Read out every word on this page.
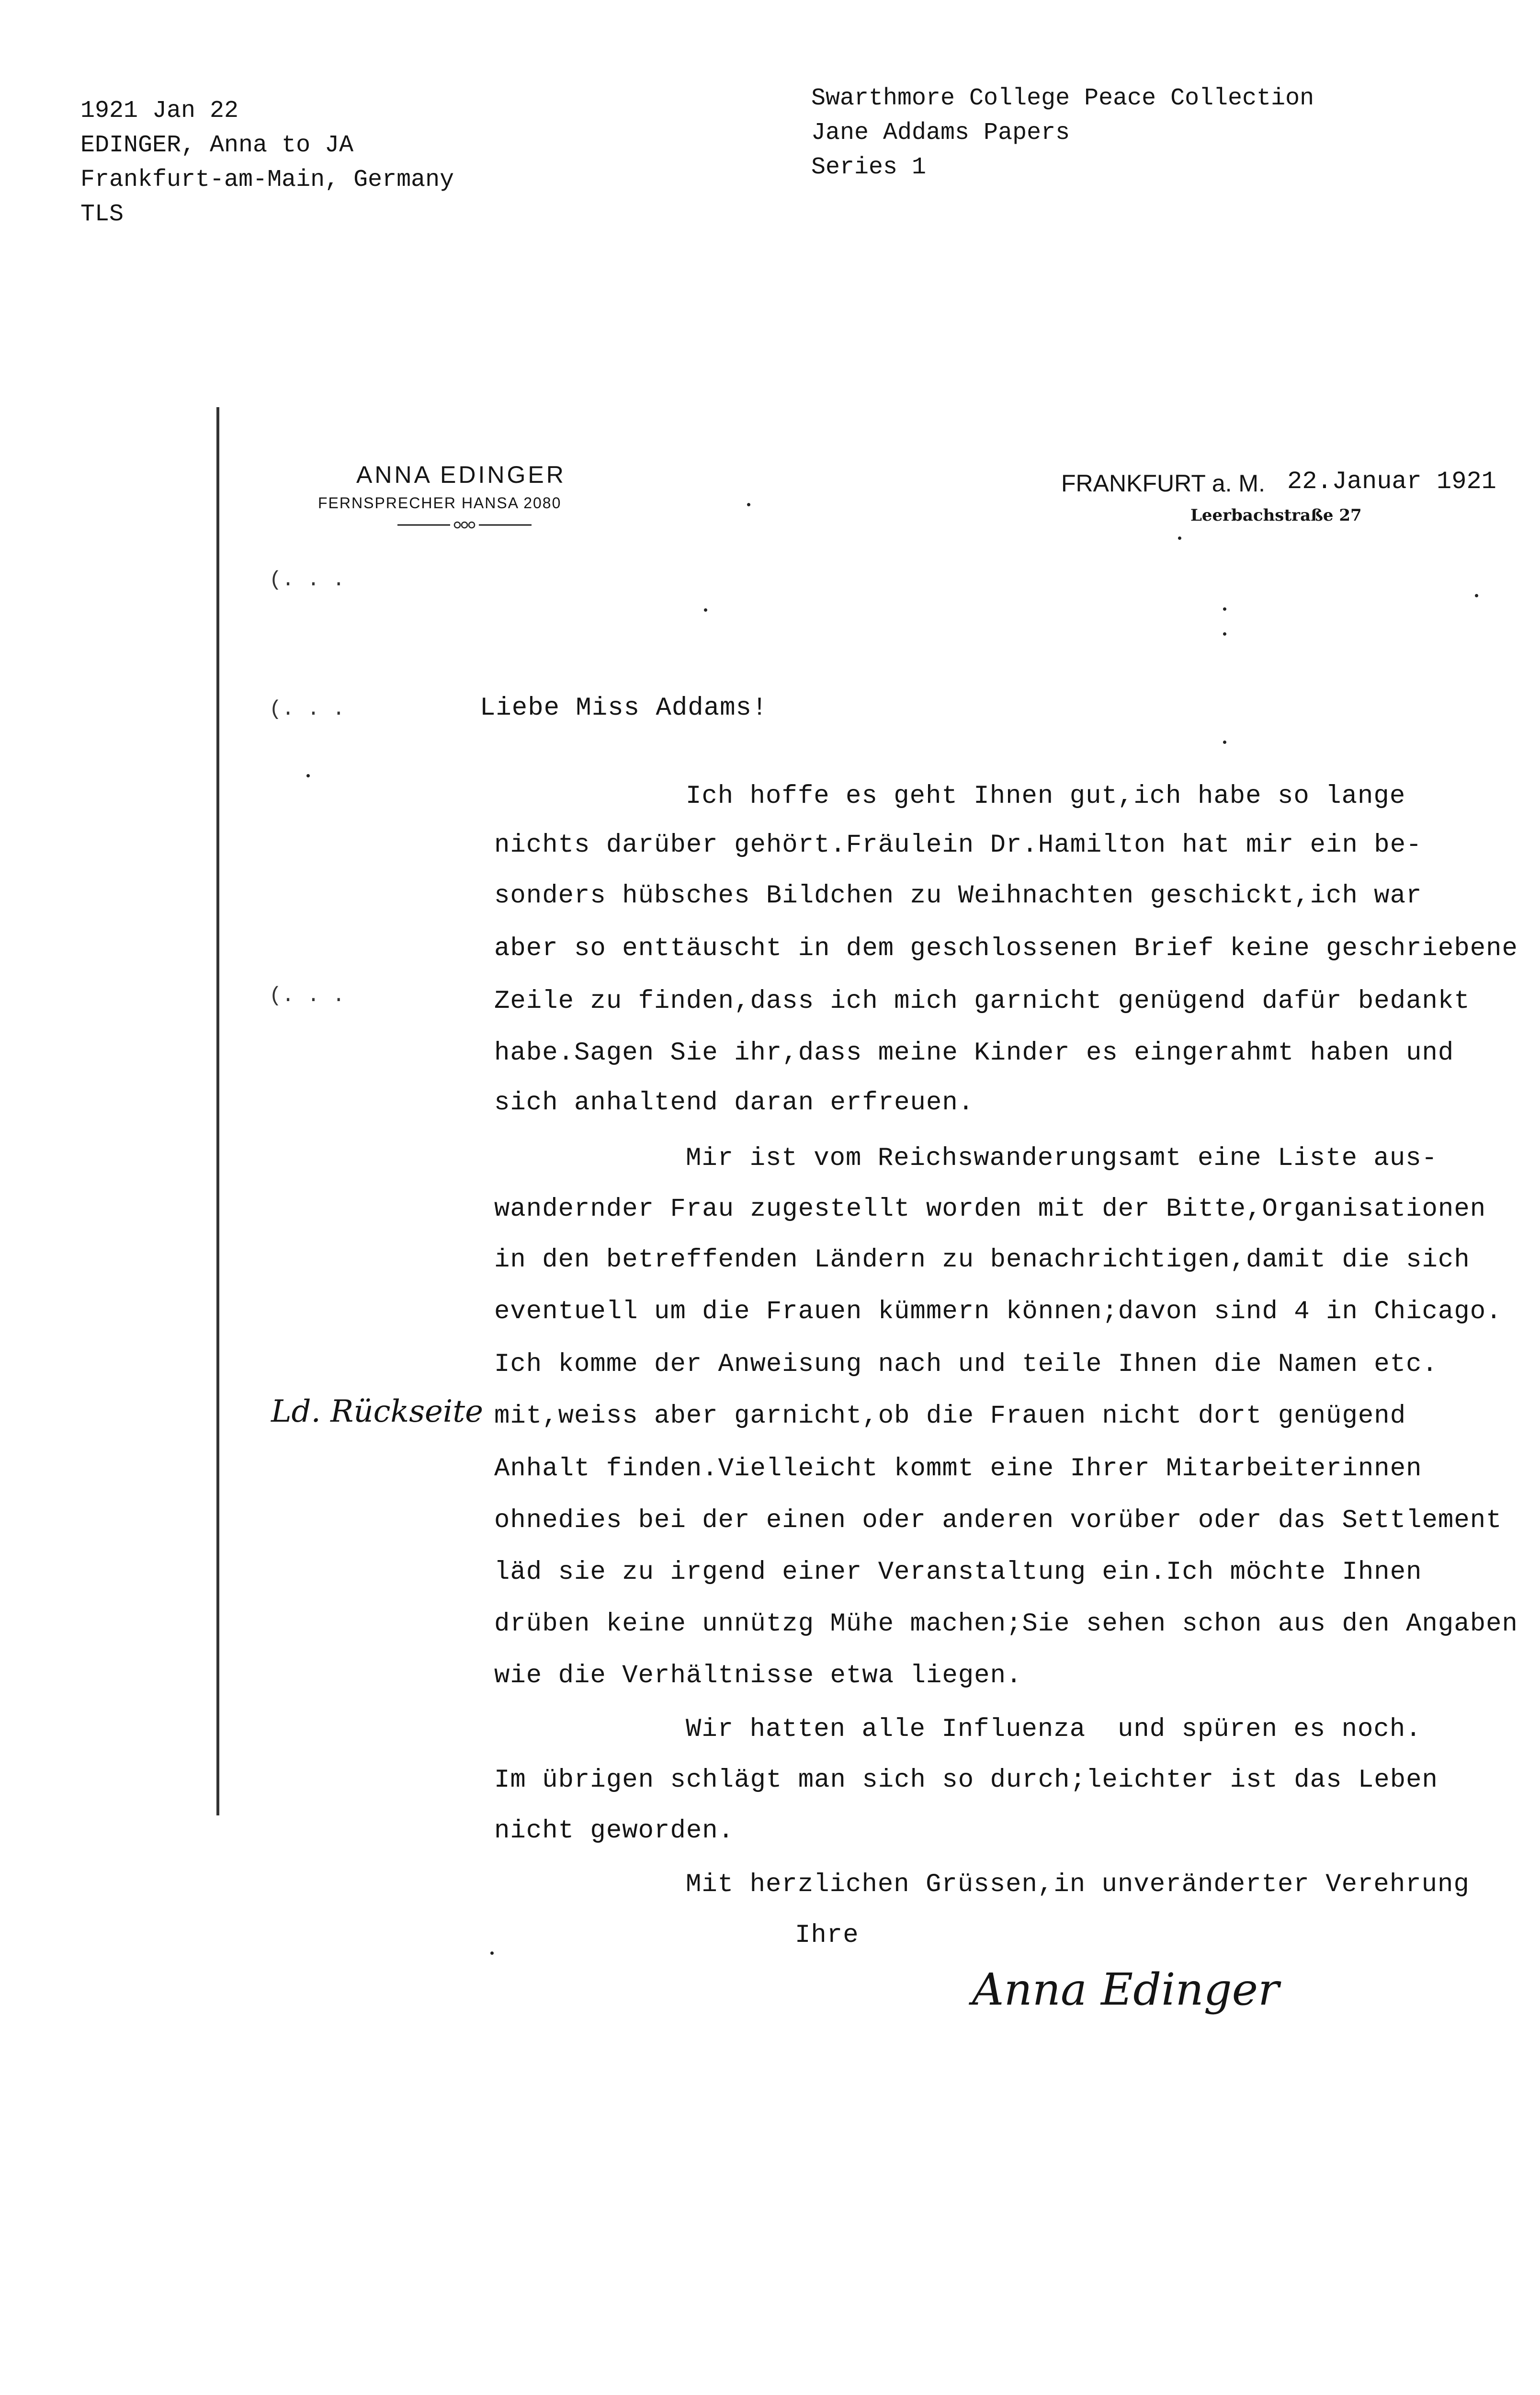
1921 Jan 22
EDINGER, Anna to JA
Frankfurt-am-Main, Germany
TLS
Swarthmore College Peace Collection
Jane Addams Papers
Series 1
ANNA EDINGER
FERNSPRECHER HANSA 2080
FRANKFURT a. M. 22.Januar 1921
Leerbachstraße 27
(. . .
(. . .
(. . .
Ld. Rückseite
Liebe Miss Addams!
Ich hoffe es geht Ihnen gut,ich habe so lange
nichts darüber gehört.Fräulein Dr.Hamilton hat mir ein be-
sonders hübsches Bildchen zu Weihnachten geschickt,ich war
aber so enttäuscht in dem geschlossenen Brief keine geschriebene
Zeile zu finden,dass ich mich garnicht genügend dafür bedankt
habe.Sagen Sie ihr,dass meine Kinder es eingerahmt haben und
sich anhaltend daran erfreuen.
Mir ist vom Reichswanderungsamt eine Liste aus-
wandernder Frau zugestellt worden mit der Bitte,Organisationen
in den betreffenden Ländern zu benachrichtigen,damit die sich
eventuell um die Frauen kümmern können;davon sind 4 in Chicago.
Ich komme der Anweisung nach und teile Ihnen die Namen etc.
mit,weiss aber garnicht,ob die Frauen nicht dort genügend
Anhalt finden.Vielleicht kommt eine Ihrer Mitarbeiterinnen
ohnedies bei der einen oder anderen vorüber oder das Settlement
läd sie zu irgend einer Veranstaltung ein.Ich möchte Ihnen
drüben keine unnützg Mühe machen;Sie sehen schon aus den Angaben
wie die Verhältnisse etwa liegen.
Wir hatten alle Influenza  und spüren es noch.
Im übrigen schlägt man sich so durch;leichter ist das Leben
nicht geworden.
Mit herzlichen Grüssen,in unveränderter Verehrung
Ihre
Anna Edinger
